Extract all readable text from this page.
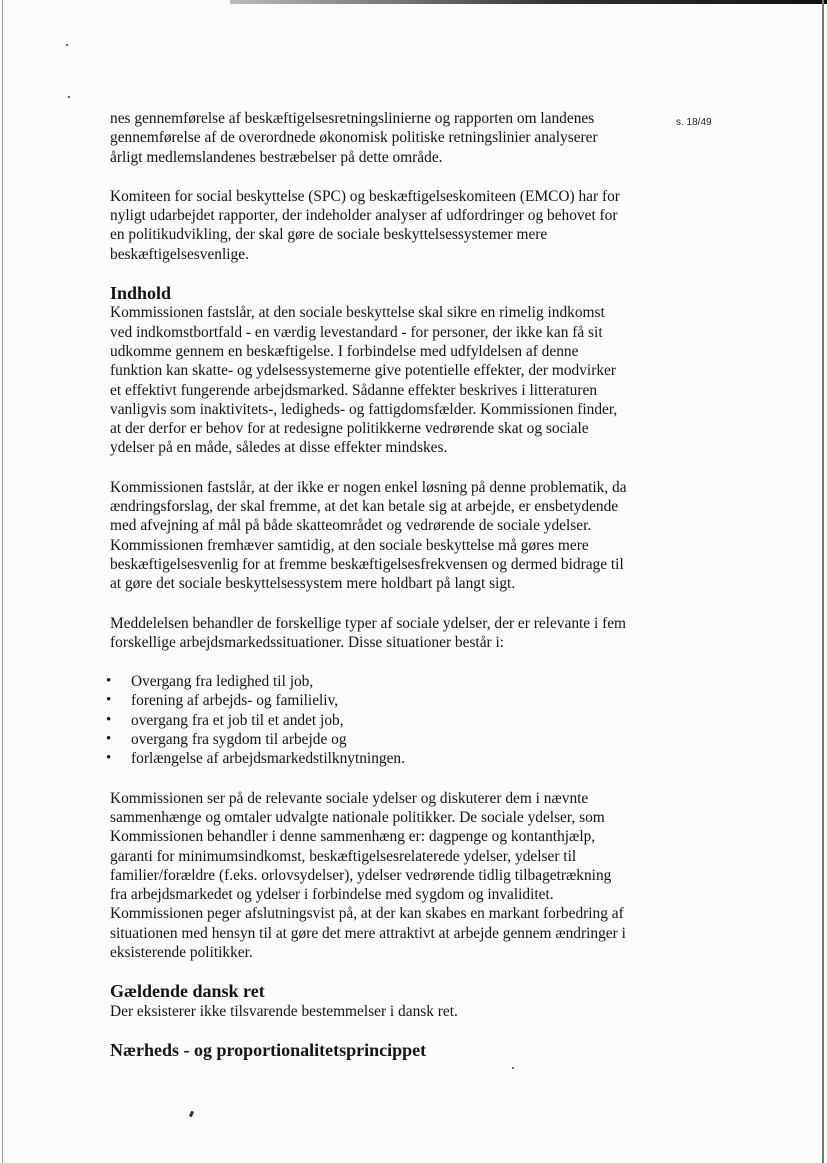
s. 18/49

nes gennemførelse af beskæftigelsesretningslinierne og rapporten om landenes gennemførelse af de overordnede økonomisk politiske retningslinier analyserer årligt medlemslandenes bestræbelser på dette område.

Komiteen for social beskyttelse (SPC) og beskæftigelseskomiteen (EMCO) har for nyligt udarbejdet rapporter, der indeholder analyser af udfordringer og behovet for en politikudvikling, der skal gøre de sociale beskyttelsessystemer mere beskæftigelsesvenlige.

Indhold

Kommissionen fastslår, at den sociale beskyttelse skal sikre en rimelig indkomst ved indkomstbortfald - en værdig levestandard - for personer, der ikke kan få sit udkomme gennem en beskæftigelse. I forbindelse med udfyldelsen af denne funktion kan skatte- og ydelsessystemerne give potentielle effekter, der modvirker et effektivt fungerende arbejdsmarked. Sådanne effekter beskrives i litteraturen vanligvis som inaktivitets-, ledigheds- og fattigdomsfælder. Kommissionen finder, at der derfor er behov for at redesigne politikkerne vedrørende skat og sociale ydelser på en måde, således at disse effekter mindskes.

Kommissionen fastslår, at der ikke er nogen enkel løsning på denne problematik, da ændringsforslag, der skal fremme, at det kan betale sig at arbejde, er ensbetydende med afvejning af mål på både skatteområdet og vedrørende de sociale ydelser. Kommissionen fremhæver samtidig, at den sociale beskyttelse må gøres mere beskæftigelsesvenlig for at fremme beskæftigelsesfrekvensen og dermed bidrage til at gøre det sociale beskyttelsessystem mere holdbart på langt sigt.

Meddelelsen behandler de forskellige typer af sociale ydelser, der er relevante i fem forskellige arbejdsmarkedssituationer. Disse situationer består i:

• Overgang fra ledighed til job,
• forening af arbejds- og familieliv,
• overgang fra et job til et andet job,
• overgang fra sygdom til arbejde og
• forlængelse af arbejdsmarkedstilknytningen.

Kommissionen ser på de relevante sociale ydelser og diskuterer dem i nævnte sammenhænge og omtaler udvalgte nationale politikker. De sociale ydelser, som Kommissionen behandler i denne sammenhæng er: dagpenge og kontanthjælp, garanti for minimumsindkomst, beskæftigelsesrelaterede ydelser, ydelser til familier/forældre (f.eks. orlovsydelser), ydelser vedrørende tidlig tilbagetrækning fra arbejdsmarkedet og ydelser i forbindelse med sygdom og invaliditet. Kommissionen peger afslutningsvist på, at der kan skabes en markant forbedring af situationen med hensyn til at gøre det mere attraktivt at arbejde gennem ændringer i eksisterende politikker.

Gældende dansk ret

Der eksisterer ikke tilsvarende bestemmelser i dansk ret.

Nærheds - og proportionalitetsprincippet
